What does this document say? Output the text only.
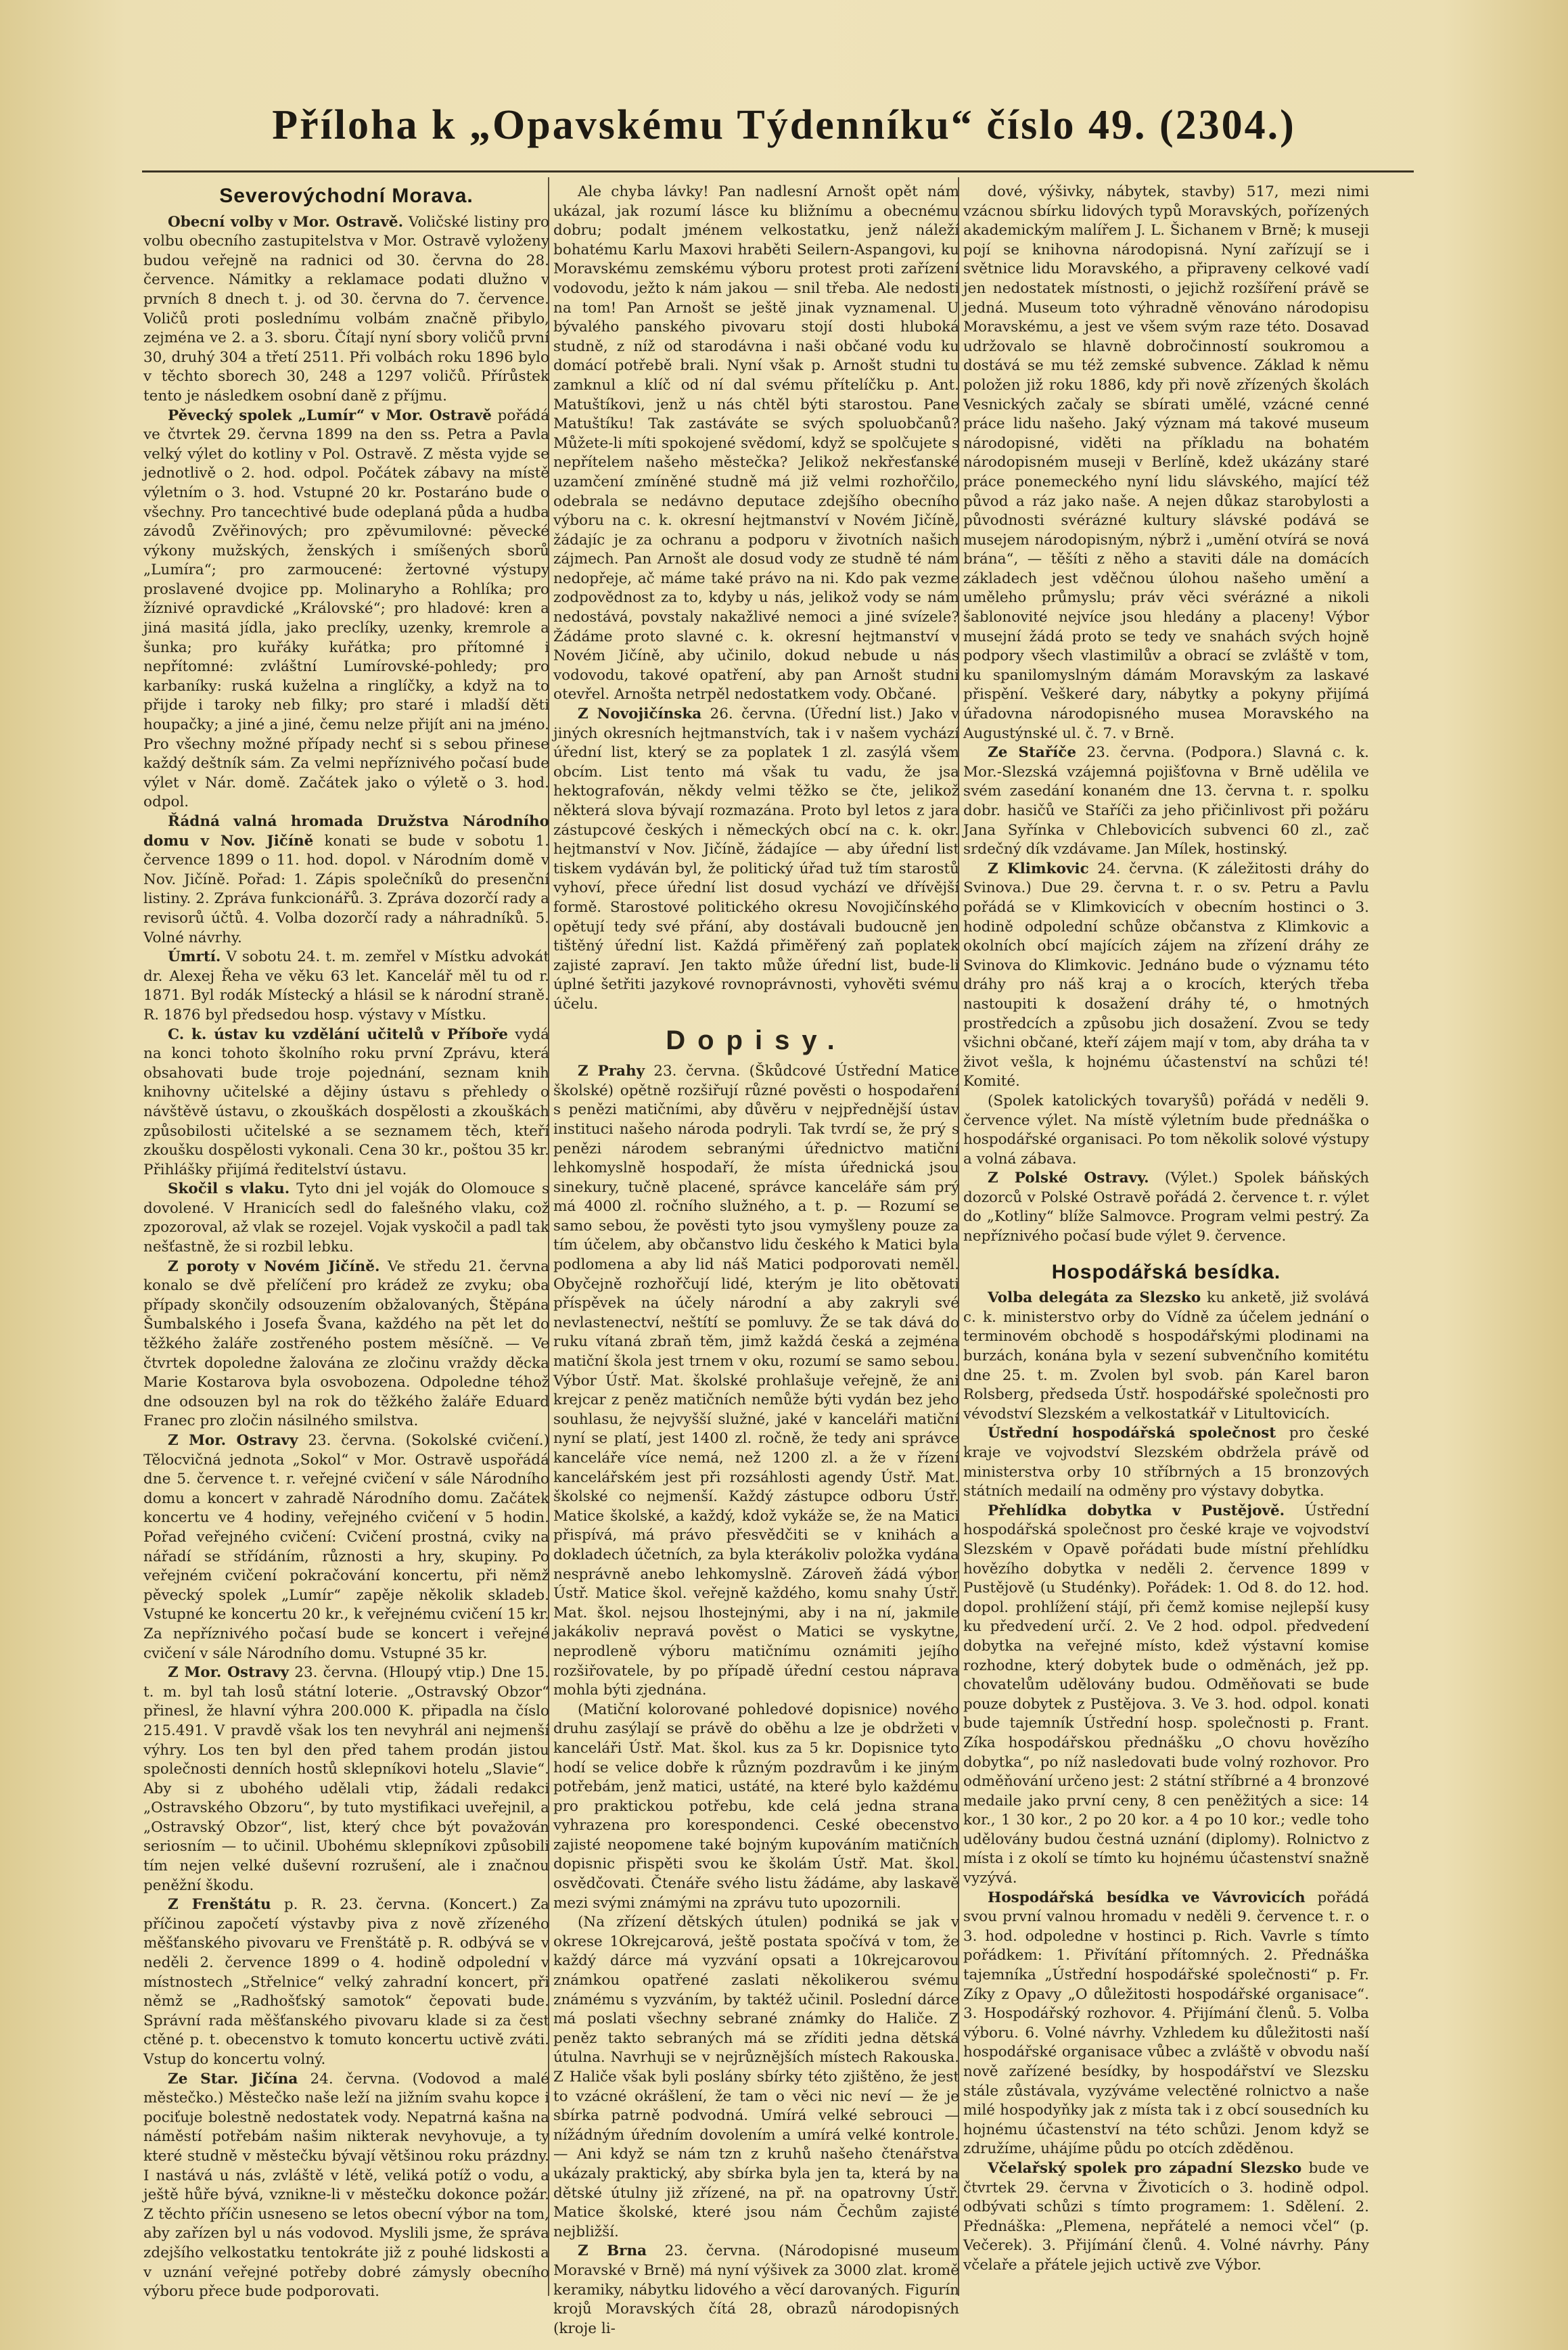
Příloha k „Opavskému Týdenníku“ číslo 49. (2304.)
Severovýchodní Morava.

Obecní volby v Mor. Ostravě. Voličské listiny pro volbu obecního zastupitelstva v Mor. Ostravě vyloženy budou veřejně na radnici od 30. června do 28. července. Námitky a reklamace podati dlužno v prvních 8 dnech t. j. od 30. června do 7. července. Voličů proti poslednímu volbám značně přibylo, zejména ve 2. a 3. sboru. Čítají nyní sbory voličů první 30, druhý 304 a třetí 2511. Při volbách roku 1896 bylo v těchto sborech 30, 248 a 1297 voličů. Přírůstek tento je následkem osobní daně z příjmu.

Pěvecký spolek „Lumír“ v Mor. Ostravě pořádá ve čtvrtek 29. června 1899 na den ss. Petra a Pavla velký výlet do kotliny v Pol. Ostravě. Z města vyjde se jednotlivě o 2. hod. odpol. Počátek zábavy na místě výletním o 3. hod. Vstupné 20 kr. Postaráno bude o všechny. Pro tancechtivé bude odeplaná půda a hudba závodů Zvěřinových; pro zpěvumilovné: pěvecké výkony mužských, ženských i smíšených sborů „Lumíra“; pro zarmoucené: žertovné výstupy proslavené dvojice pp. Molinaryho a Rohlíka; pro žíznivé opravdické „Královské“; pro hladové: kren a jiná masitá jídla, jako preclíky, uzenky, kremrole a šunka; pro kuřáky kuřátka; pro přítomné i nepřítomné: zvláštní Lumírovské-pohledy; pro karbaníky: ruská kuželna a ringlíčky, a když na to přijde i taroky neb filky; pro staré i mladší děti houpačky; a jiné a jiné, čemu nelze přijít ani na jméno. Pro všechny možné případy nechť si s sebou přinese každý deštník sám. Za velmi nepříznivého počasí bude výlet v Nár. domě. Začátek jako o výletě o 3. hod. odpol.

Řádná valná hromada Družstva Národního domu v Nov. Jičíně konati se bude v sobotu 1. července 1899 o 11. hod. dopol. v Národním domě v Nov. Jičíně. Pořad: 1. Zápis společníků do presenční listiny. 2. Zpráva funkcionářů. 3. Zpráva dozorčí rady a revisorů účtů. 4. Volba dozorčí rady a náhradníků. 5. Volné návrhy.

Úmrtí. V sobotu 24. t. m. zemřel v Místku advokát dr. Alexej Řeha ve věku 63 let. Kancelář měl tu od r. 1871. Byl rodák Místecký a hlásil se k národní straně. R. 1876 byl předsedou hosp. výstavy v Místku.

C. k. ústav ku vzdělání učitelů v Příboře vydá na konci tohoto školního roku první Zprávu, která obsahovati bude troje pojednání, seznam knih knihovny učitelské a dějiny ústavu s přehledy o návštěvě ústavu, o zkouškách dospělosti a zkouškách způsobilosti učitelské a se seznamem těch, kteří zkoušku dospělosti vykonali. Cena 30 kr., poštou 35 kr. Přihlášky přijímá ředitelství ústavu.

Skočil s vlaku. Tyto dni jel voják do Olomouce s dovolené. V Hranicích sedl do falešného vlaku, což zpozoroval, až vlak se rozejel. Vojak vyskočil a padl tak nešťastně, že si rozbil lebku.

Z poroty v Novém Jičíně. Ve středu 21. června konalo se dvě přelíčení pro krádež ze zvyku; oba případy skončily odsouzením obžalovaných, Štěpána Šumbalského i Josefa Švana, každého na pět let do těžkého žaláře zostřeného postem měsíčně. — Ve čtvrtek dopoledne žalována ze zločinu vraždy děcka Marie Kostarova byla osvobozena. Odpoledne téhož dne odsouzen byl na rok do těžkého žaláře Eduard Franec pro zločin násilného smilstva.

Z Mor. Ostravy 23. června. (Sokolské cvičení.) Tělocvičná jednota „Sokol“ v Mor. Ostravě uspořádá dne 5. července t. r. veřejné cvičení v sále Národního domu a koncert v zahradě Národního domu. Začátek koncertu ve 4 hodiny, veřejného cvičení v 5 hodin. Pořad veřejného cvičení: Cvičení prostná, cviky na nářadí se střídáním, různosti a hry, skupiny. Po veřejném cvičení pokračování koncertu, při němž pěvecký spolek „Lumír“ zapěje několik skladeb. Vstupné ke koncertu 20 kr., k veřejnému cvičení 15 kr. Za nepříznivého počasí bude se koncert i veřejné cvičení v sále Národního domu. Vstupné 35 kr.

Z Mor. Ostravy 23. června. (Hloupý vtip.) Dne 15. t. m. byl tah losů státní loterie. „Ostravský Obzor“ přinesl, že hlavní výhra 200.000 K. připadla na číslo 215.491. V pravdě však los ten nevyhrál ani nejmenší výhry. Los ten byl den před tahem prodán jistou společnosti denních hostů sklepníkovi hotelu „Slavie“. Aby si z ubohého udělali vtip, žádali redakci „Ostravského Obzoru“, by tuto mystifikaci uveřejnil, a „Ostravský Obzor“, list, který chce být považován seriosním — to učinil. Ubohému sklepníkovi způsobili tím nejen velké duševní rozrušení, ale i značnou peněžní škodu.

Z Frenštátu p. R. 23. června. (Koncert.) Za příčinou započetí výstavby piva z nově zřízeného měšťanského pivovaru ve Frenštátě p. R. odbývá se v neděli 2. července 1899 o 4. hodině odpolední v místnostech „Střelnice“ velký zahradní koncert, při němž se „Radhošťský samotok“ čepovati bude. Správní rada měšťanského pivovaru klade si za čest ctěné p. t. obecenstvo k tomuto koncertu uctivě zváti. Vstup do koncertu volný.

Ze Star. Jičína 24. června. (Vodovod a malé městečko.) Městečko naše leží na jižním svahu kopce i pociťuje bolestně nedostatek vody. Nepatrná kašna na náměstí potřebám našim nikterak nevyhovuje, a ty které studně v městečku bývají většinou roku prázdny. I nastává u nás, zvláště v létě, veliká potíž o vodu, a ještě hůře bývá, vznikne-li v městečku dokonce požár. Z těchto příčin usneseno se letos obecní výbor na tom, aby zařízen byl u nás vodovod. Myslili jsme, že správa zdejšího velkostatku tentokráte již z pouhé lidskosti a v uznání veřejné potřeby dobré zámysly obecního výboru přece bude podporovati.

Ale chyba lávky! Pan nadlesní Arnošt opět nám ukázal, jak rozumí lásce ku bližnímu a obecnému dobru; podalt jménem velkostatku, jenž náleží bohatému Karlu Maxovi hraběti Seilern-Aspangovi, ku Moravskému zemskému výboru protest proti zařízení vodovodu, ježto k nám jakou — snil třeba. Ale nedosti na tom! Pan Arnošt se ještě jinak vyznamenal. U bývalého panského pivovaru stojí dosti hluboká studně, z níž od starodávna i naši občané vodu ku domácí potřebě brali. Nyní však p. Arnošt studni tu zamknul a klíč od ní dal svému přítelíčku p. Ant. Matuštíkovi, jenž u nás chtěl býti starostou. Pane Matuštíku! Tak zastáváte se svých spoluobčanů? Můžete-li míti spokojené svědomí, když se spolčujete s nepřítelem našeho městečka? Jelikož nekřesťanské uzamčení zmíněné studně má již velmi rozhořčilo, odebrala se nedávno deputace zdejšího obecního výboru na c. k. okresní hejtmanství v Novém Jičíně, žádajíc je za ochranu a podporu v životních našich zájmech. Pan Arnošt ale dosud vody ze studně té nám nedopřeje, ač máme také právo na ni. Kdo pak vezme zodpovědnost za to, kdyby u nás, jelikož vody se nám nedostává, povstaly nakažlivé nemoci a jiné svízele? Žádáme proto slavné c. k. okresní hejtmanství v Novém Jičíně, aby učinilo, dokud nebude u nás vodovodu, takové opatření, aby pan Arnošt studni otevřel. Arnošta netrpěl nedostatkem vody. Občané.

Z Novojičínska 26. června. (Úřední list.) Jako v jiných okresních hejtmanstvích, tak i v našem vychází úřední list, který se za poplatek 1 zl. zasýlá všem obcím. List tento má však tu vadu, že jsa hektografován, někdy velmi těžko se čte, jelikož některá slova bývají rozmazána. Proto byl letos z jara zástupcové českých i německých obcí na c. k. okr. hejtmanství v Nov. Jičíně, žádajíce — aby úřední list tiskem vydáván byl, že politický úřad tuž tím starostů vyhoví, přece úřední list dosud vychází ve dřívější formě. Starostové politického okresu Novojičínského opětují tedy své přání, aby dostávali budoucně jen tištěný úřední list. Každá přiměřený zaň poplatek zajisté zapraví. Jen takto může úřední list, bude-li úplné šetřiti jazykové rovnoprávnosti, vyhověti svému účelu.

Dopisy.

Z Prahy 23. června. (Škůdcové Ústřední Matice školské) opětně rozšiřují různé pověsti o hospodaření s penězi matičními, aby důvěru v nejpřednější ústav instituci našeho národa podryli. Tak tvrdí se, že prý s penězi národem sebranými úřednictvo matiční lehkomyslně hospodaří, že místa úřednická jsou sinekury, tučně placené, správce kanceláře sám prý má 4000 zl. ročního služného, a t. p. — Rozumí se samo sebou, že pověsti tyto jsou vymyšleny pouze za tím účelem, aby občanstvo lidu českého k Matici byla podlomena a aby lid náš Matici podporovati neměl. Obyčejně rozhořčují lidé, kterým je lito obětovati příspěvek na účely národní a aby zakryli své nevlastenectví, neštítí se pomluvy. Že se tak dává do ruku vítaná zbraň těm, jimž každá česká a zejména matiční škola jest trnem v oku, rozumí se samo sebou. Výbor Ústř. Mat. školské prohlašuje veřejně, že ani krejcar z peněz matičních nemůže býti vydán bez jeho souhlasu, že nejvyšší služné, jaké v kanceláři matiční nyní se platí, jest 1400 zl. ročně, že tedy ani správce kanceláře více nemá, než 1200 zl. a že v řízení kancelářském jest při rozsáhlosti agendy Ústř. Mat. školské co nejmenší. Každý zástupce odboru Ústř. Matice školské, a každý, kdož vykáže se, že na Matici přispívá, má právo přesvědčiti se v knihách a dokladech účetních, za byla kterákoliv položka vydána nesprávně anebo lehkomyslně. Zároveň žádá výbor Ústř. Matice škol. veřejně každého, komu snahy Ústř. Mat. škol. nejsou lhostejnými, aby i na ní, jakmile jakákoliv nepravá pověst o Matici se vyskytne, neprodleně výboru matičnímu oznámiti jejího rozšiřovatele, by po případě úřední cestou náprava mohla býti zjednána.

(Matiční kolorované pohledové dopisnice) nového druhu zasýlají se právě do oběhu a lze je obdržeti v kanceláři Ústř. Mat. škol. kus za 5 kr. Dopisnice tyto hodí se velice dobře k různým pozdravům i ke jiným potřebám, jenž matici, ustáté, na které bylo každému pro praktickou potřebu, kde celá jedna strana vyhrazena pro korespondenci. Ceské obecenstvo zajisté neopomene také bojným kupováním matičních dopisnic přispěti svou ke školám Ústř. Mat. škol. osvědčovati. Čtenáře svého listu žádáme, aby laskavě mezi svými známými na zprávu tuto upozornili.

(Na zřízení dětských útulen) podniká se jak v okrese 1Okrejcarová, ještě postata spočívá v tom, že každý dárce má vyzvání opsati a 10krejcarovou známkou opatřené zaslati několikerou svému známému s vyzváním, by taktéž učinil. Poslední dárce má poslati všechny sebrané známky do Haliče. Z peněz takto sebraných má se zříditi jedna dětská útulna. Navrhuji se v nejrůznějších místech Rakouska. Z Haliče však byli poslány sbírky této zjištěno, že jest to vzácné okrášlení, že tam o věci nic neví — že je sbírka patrně podvodná. Umírá velké sebrouci — nížádným úředním dovolením a umírá velké kontrole. — Ani když se nám tzn z kruhů našeho čtenářstva ukázaly praktický, aby sbírka byla jen ta, která by na dětské útulny již zřízené, na př. na opatrovny Ústř. Matice školské, které jsou nám Čechům zajisté nejbližší.

Z Brna 23. června. (Národopisné museum Moravské v Brně) má nyní výšivek za 3000 zlat. kromě keramiky, nábytku lidového a věcí darovaných. Figurín krojů Moravských čítá 28, obrazů národopisných (kroje li-

dové, výšivky, nábytek, stavby) 517, mezi nimi vzácnou sbírku lidových typů Moravských, pořízených akademickým malířem J. L. Šichanem v Brně; k museji pojí se knihovna národopisná. Nyní zařízují se i světnice lidu Moravského, a připraveny celkové vadí jen nedostatek místnosti, o jejichž rozšíření právě se jedná. Museum toto výhradně věnováno národopisu Moravskému, a jest ve všem svým raze této. Dosavad udržovalo se hlavně dobročinností soukromou a dostává se mu též zemské subvence. Základ k němu položen již roku 1886, kdy při nově zřízených školách Vesnických začaly se sbírati umělé, vzácné cenné práce lidu našeho. Jaký význam má takové museum národopisné, viděti na příkladu na bohatém národopisném museji v Berlíně, kdež ukázány staré práce ponemeckého nyní lidu slávského, mající též původ a ráz jako naše. A nejen důkaz starobylosti a původnosti svérázné kultury slávské podává se musejem národopisným, nýbrž i „umění otvírá se nová brána“, — těšíti z něho a staviti dále na domácích základech jest vděčnou úlohou našeho umění a uměleho průmyslu; práv věci svérázné a nikoli šablonovité nejvíce jsou hledány a placeny! Výbor musejní žádá proto se tedy ve snahách svých hojně podpory všech vlastimilův a obrací se zvláště v tom, ku spanilomyslným dámám Moravským za laskavé přispění. Veškeré dary, nábytky a pokyny přijímá úřadovna národopisného musea Moravského na Augustýnské ul. č. 7. v Brně.

Ze Staříče 23. června. (Podpora.) Slavná c. k. Mor.-Slezská vzájemná pojišťovna v Brně udělila ve svém zasedání konaném dne 13. června t. r. spolku dobr. hasičů ve Staříči za jeho přičinlivost při požáru Jana Syřínka v Chlebovicích subvenci 60 zl., zač srdečný dík vzdávame. Jan Mílek, hostinský.

Z Klimkovic 24. června. (K záležitosti dráhy do Svinova.) Due 29. června t. r. o sv. Petru a Pavlu pořádá se v Klimkovicích v obecním hostinci o 3. hodině odpolední schůze občanstva z Klimkovic a okolních obcí majících zájem na zřízení dráhy ze Svinova do Klimkovic. Jednáno bude o významu této dráhy pro náš kraj a o krocích, kterých třeba nastoupiti k dosažení dráhy té, o hmotných prostředcích a způsobu jich dosažení. Zvou se tedy všichni občané, kteří zájem mají v tom, aby dráha ta v život vešla, k hojnému účastenství na schůzi té! Komité.

(Spolek katolických tovaryšů) pořádá v neděli 9. července výlet. Na místě výletním bude přednáška o hospodářské organisaci. Po tom několik solové výstupy a volná zábava.

Z Polské Ostravy. (Výlet.) Spolek báňských dozorců v Polské Ostravě pořádá 2. července t. r. výlet do „Kotliny“ blíže Salmovce. Program velmi pestrý. Za nepříznivého počasí bude výlet 9. července.

Hospodářská besídka.

Volba delegáta za Slezsko ku anketě, již svolává c. k. ministerstvo orby do Vídně za účelem jednání o terminovém obchodě s hospodářskými plodinami na burzách, konána byla v sezení subvenčního komitétu dne 25. t. m. Zvolen byl svob. pán Karel baron Rolsberg, předseda Ústř. hospodářské společnosti pro vévodství Slezském a velkostatkář v Litultovicích.

Ústřední hospodářská společnost pro české kraje ve vojvodství Slezském obdržela právě od ministerstva orby 10 stříbrných a 15 bronzových státních medailí na odměny pro výstavy dobytka.

Přehlídka dobytka v Pustějově. Ústřední hospodářská společnost pro české kraje ve vojvodství Slezském v Opavě pořádati bude místní přehlídku hovězího dobytka v neděli 2. července 1899 v Pustějově (u Studénky). Pořádek: 1. Od 8. do 12. hod. dopol. prohlížení stájí, při čemž komise nejlepší kusy ku předvedení určí. 2. Ve 2 hod. odpol. předvedení dobytka na veřejné místo, kdež výstavní komise rozhodne, který dobytek bude o odměnách, jež pp. chovatelům udělovány budou. Odměňovati se bude pouze dobytek z Pustějova. 3. Ve 3. hod. odpol. konati bude tajemník Ústřední hosp. společnosti p. Frant. Zíka hospodářskou přednášku „O chovu hovězího dobytka“, po níž nasledovati bude volný rozhovor. Pro odměňování určeno jest: 2 státní stříbrné a 4 bronzové medaile jako první ceny, 8 cen peněžitých a sice: 14 kor., 1 30 kor., 2 po 20 kor. a 4 po 10 kor.; vedle toho udělovány budou čestná uznání (diplomy). Rolnictvo z místa i z okolí se tímto ku hojnému účastenství snažně vyzývá.

Hospodářská besídka ve Vávrovicích pořádá svou první valnou hromadu v neděli 9. července t. r. o 3. hod. odpoledne v hostinci p. Rich. Vavrle s tímto pořádkem: 1. Přivítání přítomných. 2. Přednáška tajemníka „Ústřední hospodářské společnosti“ p. Fr. Zíky z Opavy „O důležitosti hospodářské organisace“. 3. Hospodářský rozhovor. 4. Přijímání členů. 5. Volba výboru. 6. Volné návrhy. Vzhledem ku důležitosti naší hospodářské organisace vůbec a zvláště v obvodu naší nově zařízené besídky, by hospodářství ve Slezsku stále zůstávala, vyzýváme velectěné rolnictvo a naše milé hospodyňky jak z místa tak i z obcí sousedních ku hojnému účastenství na této schůzi. Jenom když se združíme, uhájíme půdu po otcích zděděnou.

Včelařský spolek pro západní Slezsko bude ve čtvrtek 29. června v Životicích o 3. hodině odpol. odbývati schůzi s tímto programem: 1. Sdělení. 2. Přednáška: „Plemena, nepřátelé a nemoci včel“ (p. Večerek). 3. Přijímání členů. 4. Volné návrhy. Pány včelaře a přátele jejich uctivě zve Výbor.
